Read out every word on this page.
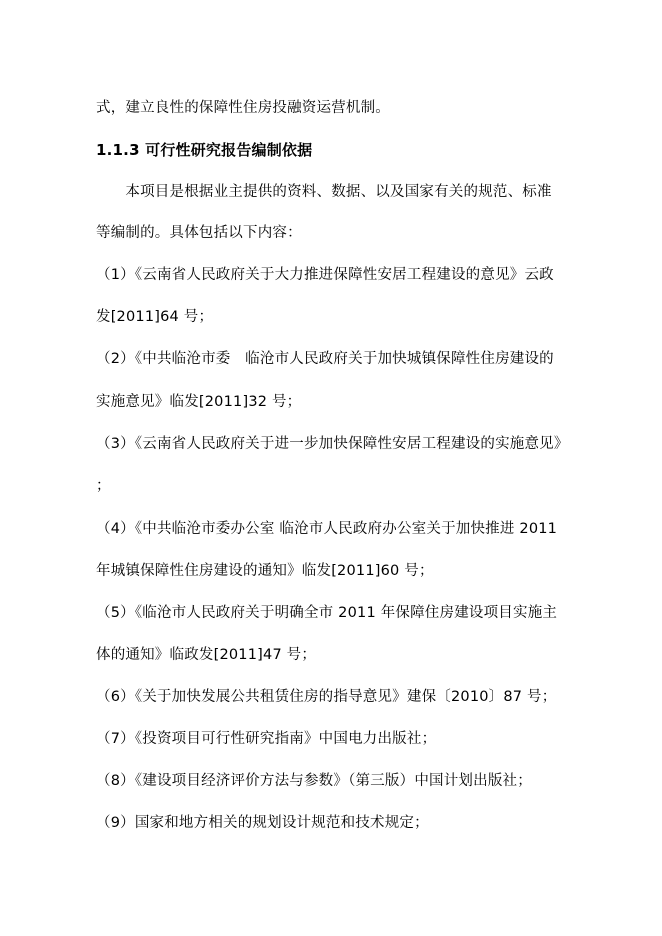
式，建立良性的保障性住房投融资运营机制。
1.1.3 可行性研究报告编制依据
　　本项目是根据业主提供的资料、数据、以及国家有关的规范、标准
等编制的。具体包括以下内容：
（1）《云南省人民政府关于大力推进保障性安居工程建设的意见》云政
发[2011]64 号；
（2）《中共临沧市委　临沧市人民政府关于加快城镇保障性住房建设的
实施意见》临发[2011]32 号；
（3）《云南省人民政府关于进一步加快保障性安居工程建设的实施意见》
；
（4）《中共临沧市委办公室 临沧市人民政府办公室关于加快推进 2011
年城镇保障性住房建设的通知》临发[2011]60 号；
（5）《临沧市人民政府关于明确全市 2011 年保障住房建设项目实施主
体的通知》临政发[2011]47 号；
（6）《关于加快发展公共租赁住房的指导意见》建保〔2010〕87 号；
（7）《投资项目可行性研究指南》中国电力出版社；
（8）《建设项目经济评价方法与参数》（第三版）中国计划出版社；
（9）国家和地方相关的规划设计规范和技术规定；
